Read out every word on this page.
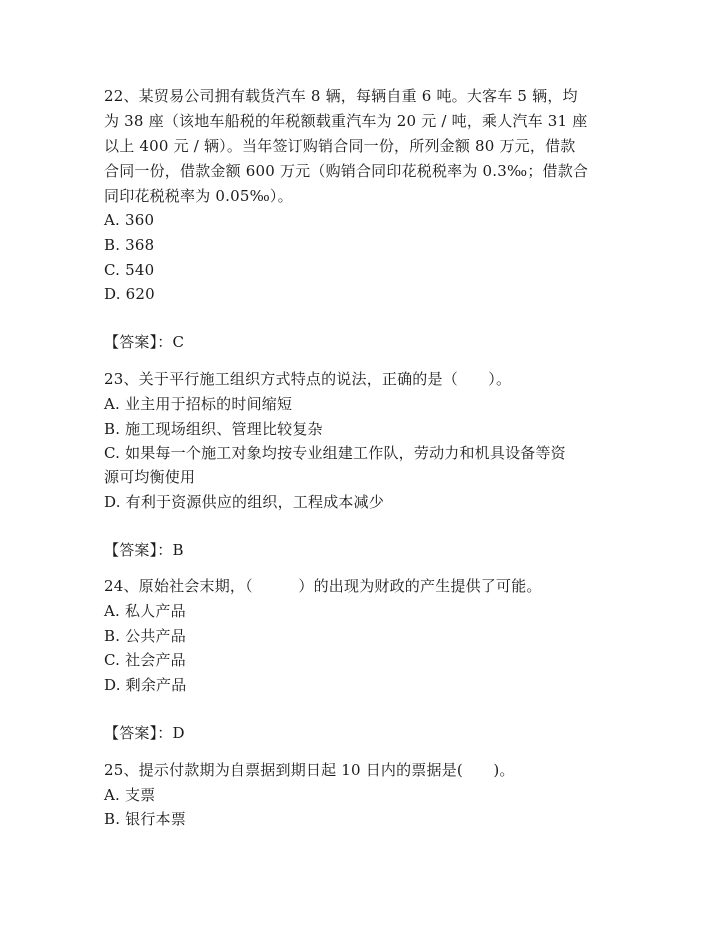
22、某贸易公司拥有载货汽车 8 辆，每辆自重 6 吨。大客车 5 辆，均
为 38 座（该地车船税的年税额载重汽车为 20 元 / 吨，乘人汽车 31 座
以上 400 元 / 辆）。当年签订购销合同一份，所列金额 80 万元，借款
合同一份，借款金额 600 万元（购销合同印花税税率为 0.3‰；借款合
同印花税税率为 0.05‰）。
A. 360
B. 368
C. 540
D. 620
【答案】：C
23、关于平行施工组织方式特点的说法，正确的是（　　）。
A. 业主用于招标的时间缩短
B. 施工现场组织、管理比较复杂
C. 如果每一个施工对象均按专业组建工作队，劳动力和机具设备等资
源可均衡使用
D. 有利于资源供应的组织，工程成本减少
【答案】：B
24、原始社会末期，（　　　）的出现为财政的产生提供了可能。
A. 私人产品
B. 公共产品
C. 社会产品
D. 剩余产品
【答案】：D
25、提示付款期为自票据到期日起 10 日内的票据是(　　)。
A. 支票
B. 银行本票
